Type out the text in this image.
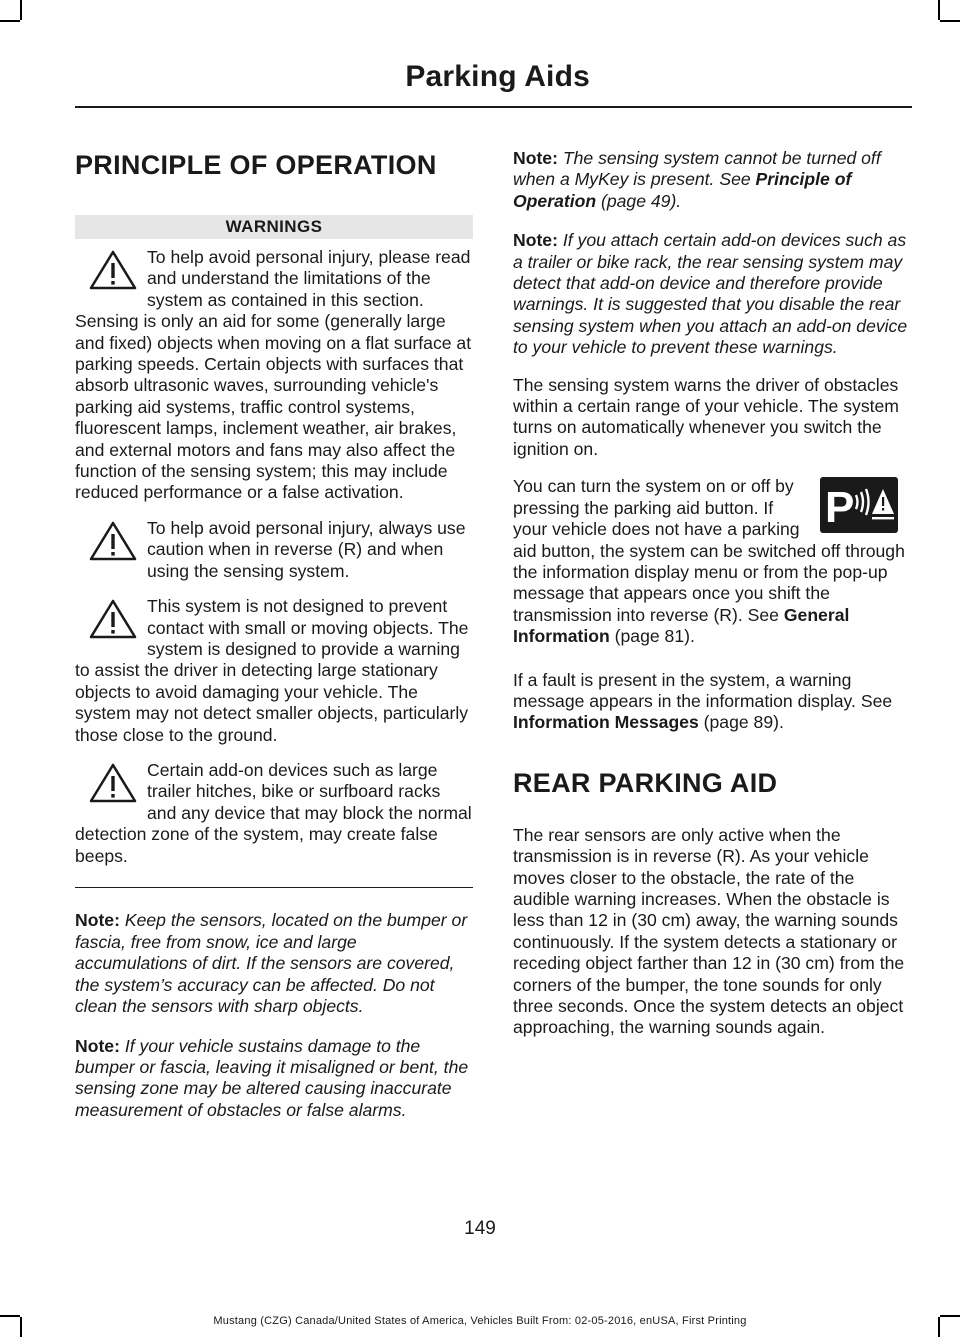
Parking Aids
PRINCIPLE OF OPERATION
WARNINGS

To help avoid personal injury, please read and understand the limitations of the system as contained in this section. Sensing is only an aid for some (generally large and fixed) objects when moving on a flat surface at parking speeds. Certain objects with surfaces that absorb ultrasonic waves, surrounding vehicle's parking aid systems, traffic control systems, fluorescent lamps, inclement weather, air brakes, and external motors and fans may also affect the function of the sensing system; this may include reduced performance or a false activation.

To help avoid personal injury, always use caution when in reverse (R) and when using the sensing system.

This system is not designed to prevent contact with small or moving objects. The system is designed to provide a warning to assist the driver in detecting large stationary objects to avoid damaging your vehicle. The system may not detect smaller objects, particularly those close to the ground.

Certain add-on devices such as large trailer hitches, bike or surfboard racks and any device that may block the normal detection zone of the system, may create false beeps.

Note: Keep the sensors, located on the bumper or fascia, free from snow, ice and large accumulations of dirt. If the sensors are covered, the system’s accuracy can be affected. Do not clean the sensors with sharp objects.

Note: If your vehicle sustains damage to the bumper or fascia, leaving it misaligned or bent, the sensing zone may be altered causing inaccurate measurement of obstacles or false alarms.

Note: The sensing system cannot be turned off when a MyKey is present. See Principle of Operation (page 49).

Note: If you attach certain add-on devices such as a trailer or bike rack, the rear sensing system may detect that add-on device and therefore provide warnings. It is suggested that you disable the rear sensing system when you attach an add-on device to your vehicle to prevent these warnings.

The sensing system warns the driver of obstacles within a certain range of your vehicle. The system turns on automatically whenever you switch the ignition on.

P
You can turn the system on or off by pressing the parking aid button. If your vehicle does not have a parking aid button, the system can be switched off through the information display menu or from the pop-up message that appears once you shift the transmission into reverse (R). See General Information (page 81).

If a fault is present in the system, a warning message appears in the information display. See Information Messages (page 89).

REAR PARKING AID

The rear sensors are only active when the transmission is in reverse (R). As your vehicle moves closer to the obstacle, the rate of the audible warning increases. When the obstacle is less than 12 in (30 cm) away, the warning sounds continuously. If the system detects a stationary or receding object farther than 12 in (30 cm) from the corners of the bumper, the tone sounds for only three seconds. Once the system detects an object approaching, the warning sounds again.

149
Mustang (CZG) Canada/United States of America, Vehicles Built From: 02-05-2016, enUSA, First Printing
